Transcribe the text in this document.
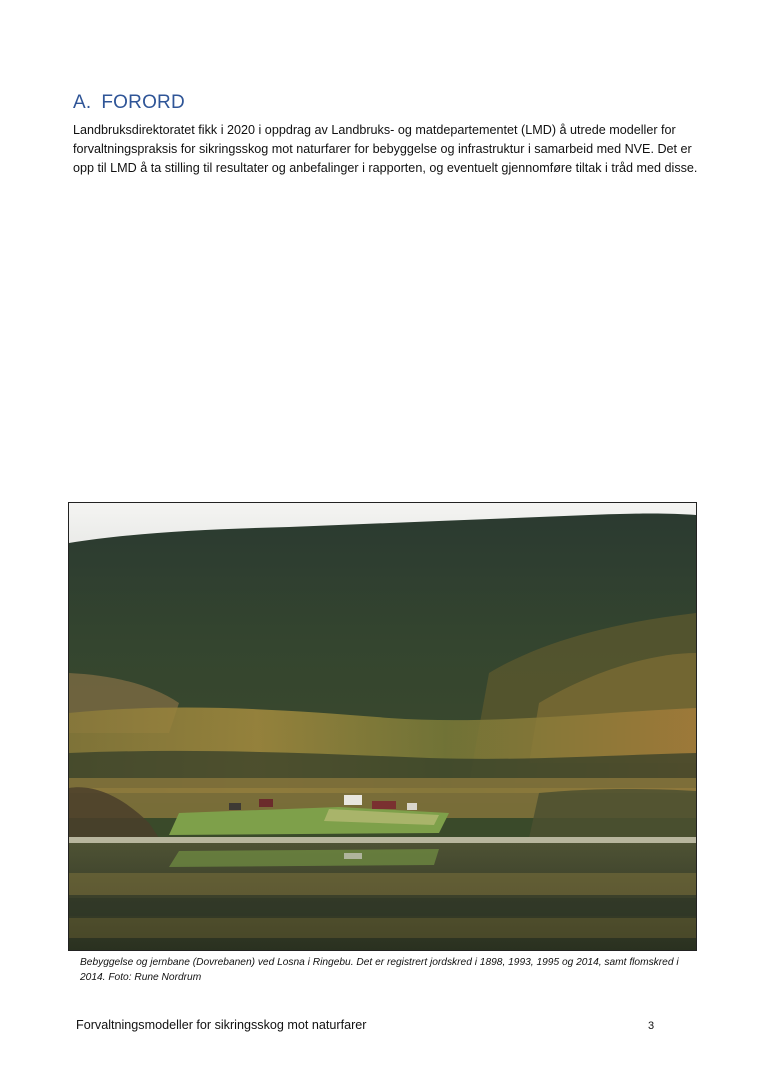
A. FORORD

Landbruksdirektoratet fikk i 2020 i oppdrag av Landbruks- og matdepartementet (LMD) å utrede modeller for forvaltningspraksis for sikringsskog mot naturfarer for bebyggelse og infrastruktur i samarbeid med NVE. Det er opp til LMD å ta stilling til resultater og anbefalinger i rapporten, og eventuelt gjennomføre tiltak i tråd med disse.

Bebyggelse og jernbane (Dovrebanen) ved Losna i Ringebu. Det er registrert jordskred i 1898, 1993, 1995 og 2014, samt flomskred i 2014. Foto: Rune Nordrum

Forvaltningsmodeller for sikringsskog mot naturfarer	3
